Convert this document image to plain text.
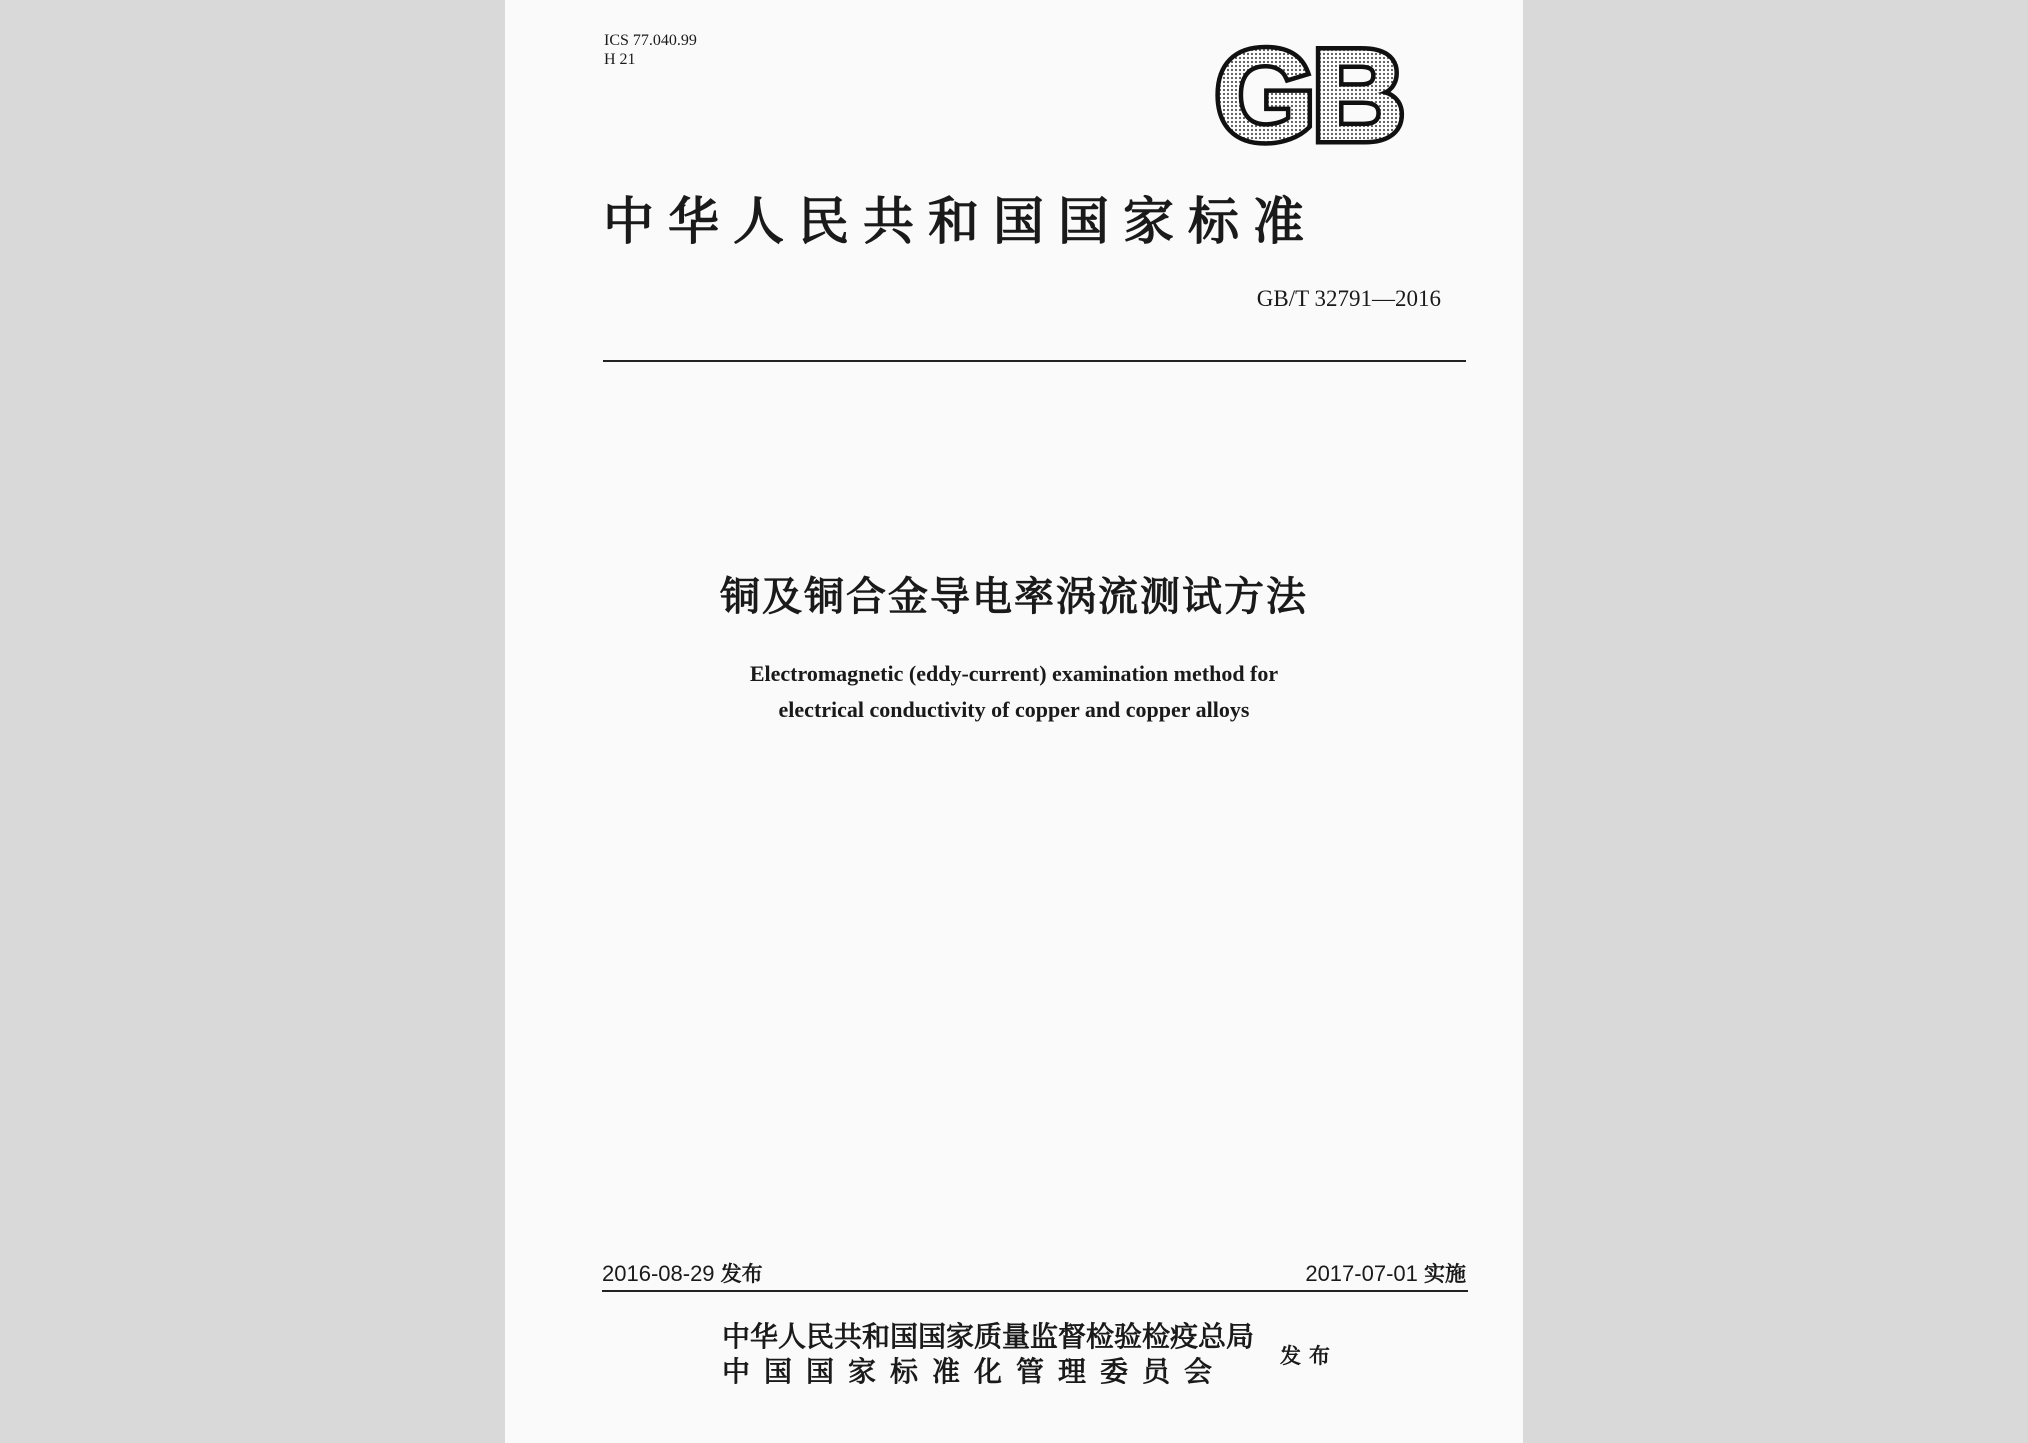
ICS 77.040.99
H 21	GB
中华人民共和国国家标准
GB/T 32791—2016
铜及铜合金导电率涡流测试方法
Electromagnetic (eddy-current) examination method for
electrical conductivity of copper and copper alloys
2016-08-29 发布	2017-07-01 实施
中华人民共和国国家质量监督检验检疫总局
中国国家标准化管理委员会	发布
